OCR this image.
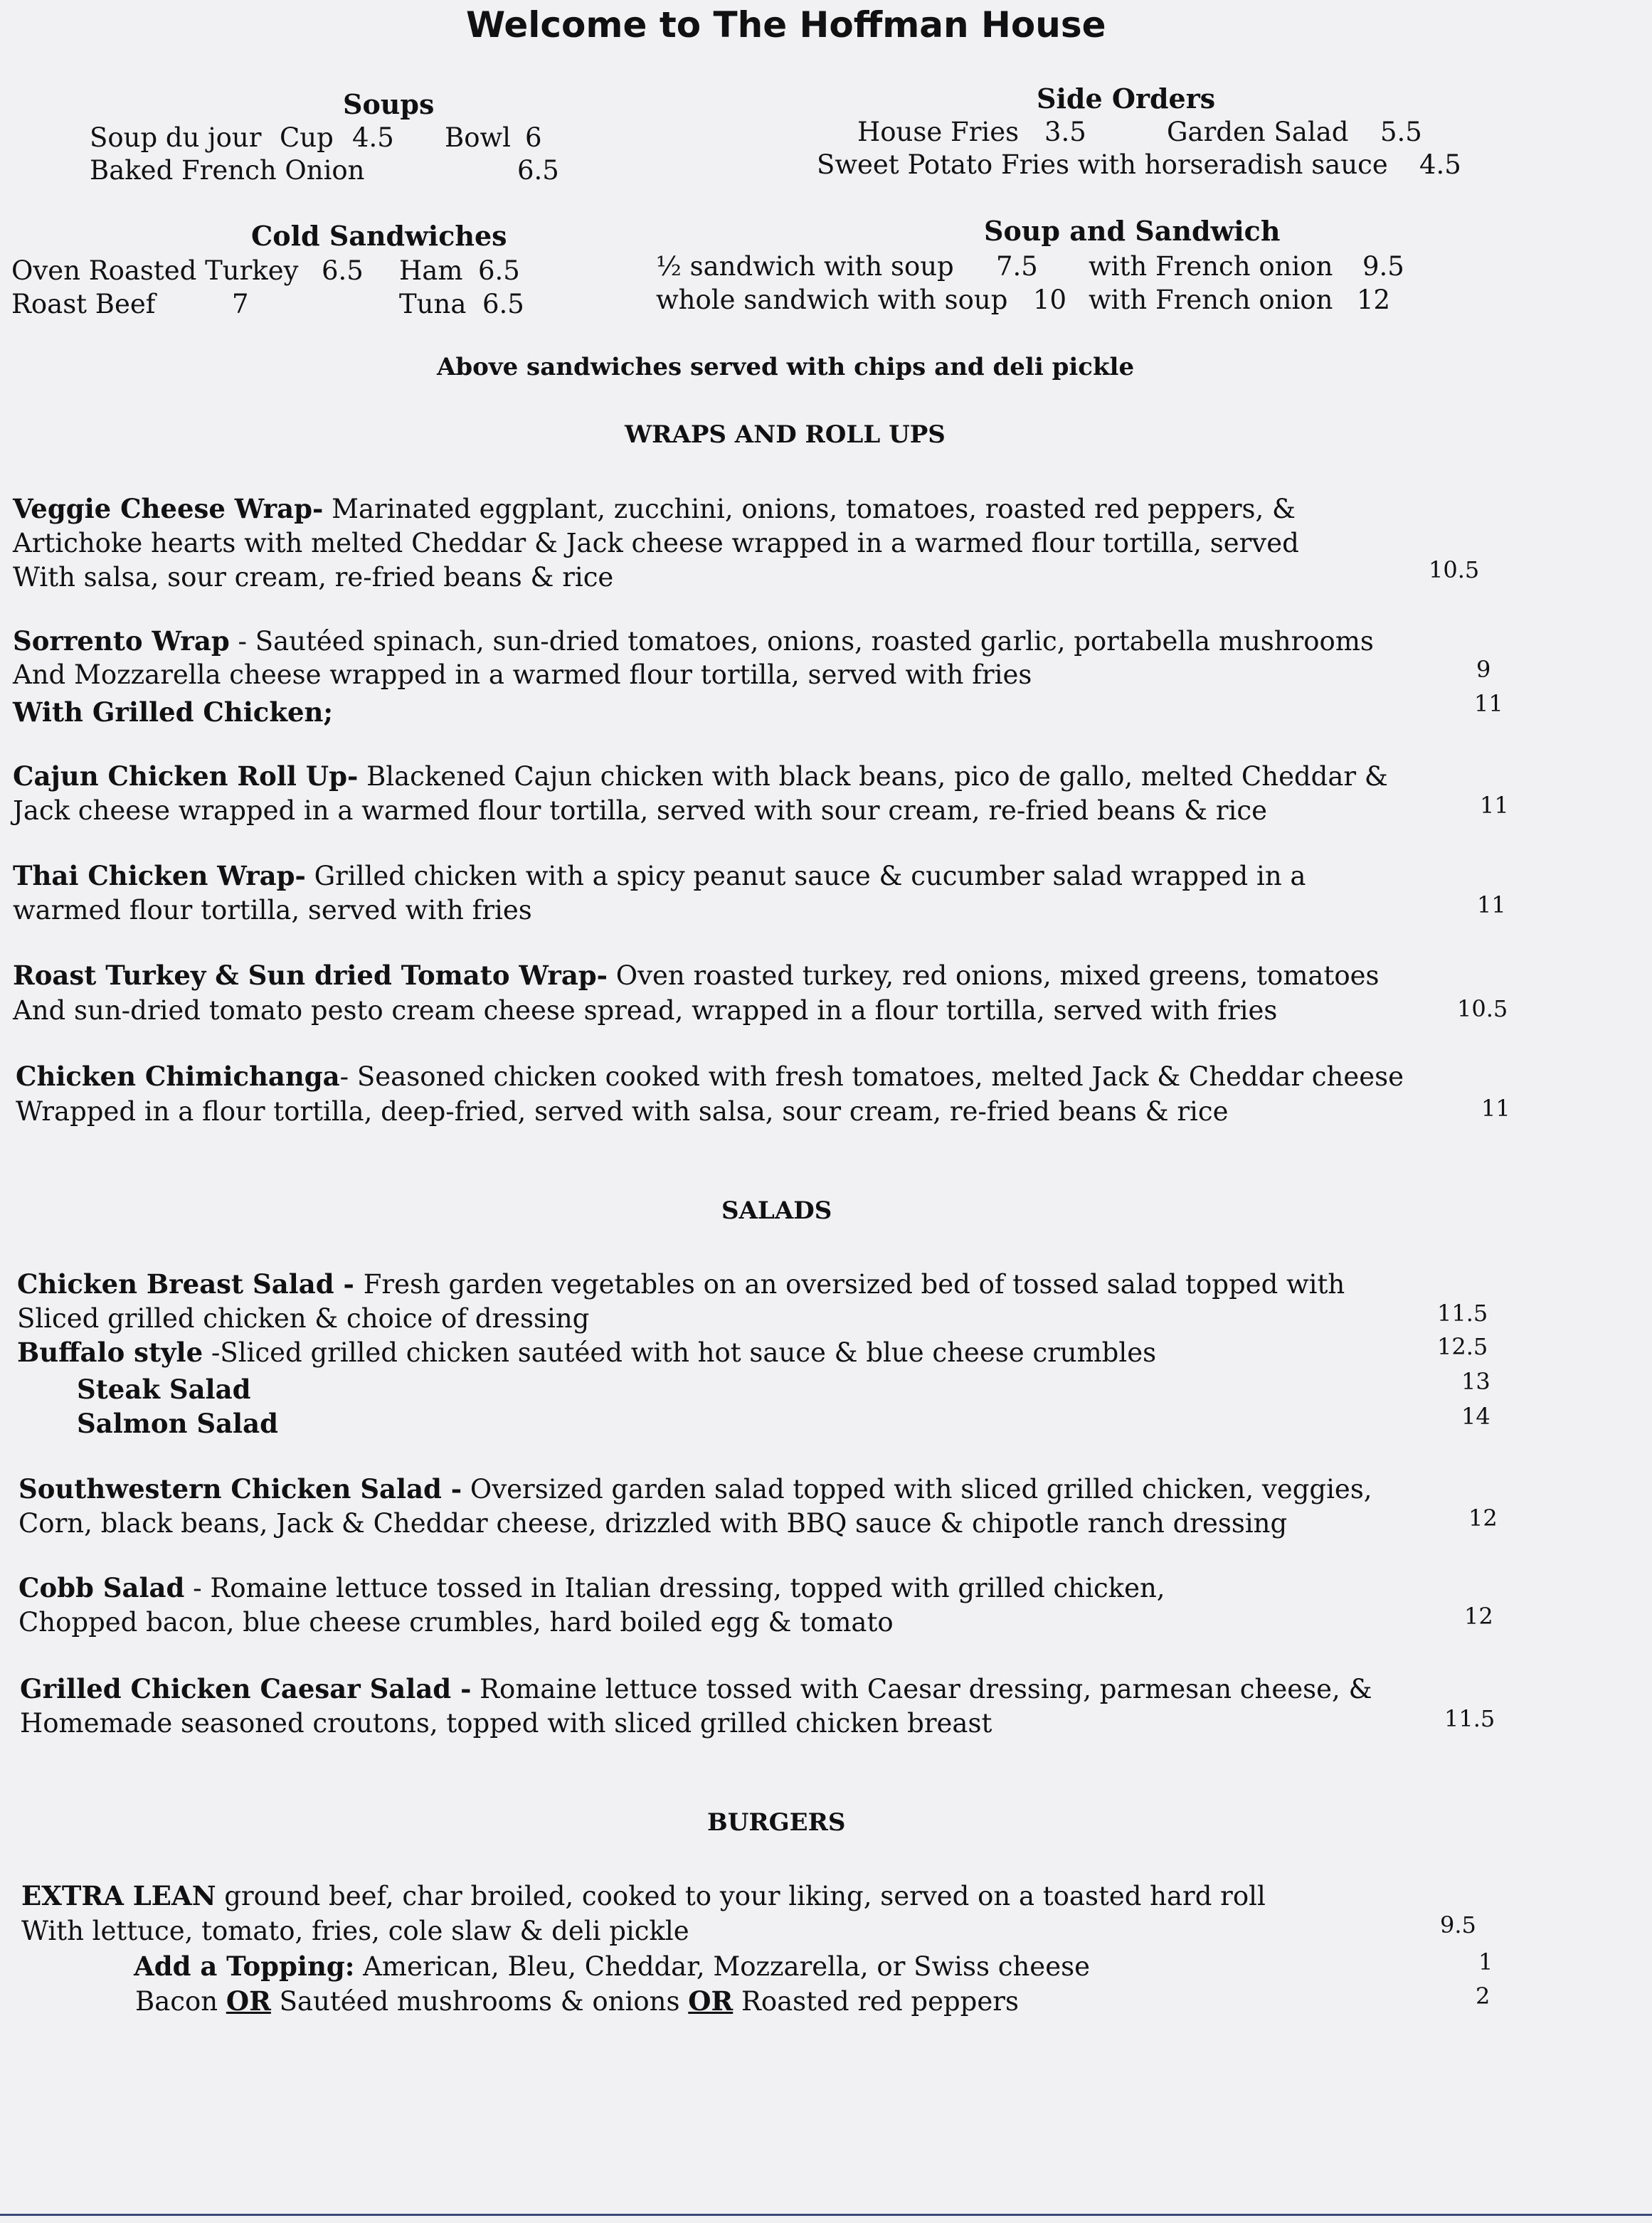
Welcome to The Hoffman House
Soups
Soup du jour Cup 4.5 Bowl 6
Baked French Onion	6.5
Side Orders
House Fries 3.5	Garden Salad 5.5
Sweet Potato Fries with horseradish sauce 4.5
Cold Sandwiches
Oven Roasted Turkey 6.5 Ham 6.5
Roast Beef	7	Tuna 6.5
Soup and Sandwich
½ sandwich with soup 7.5 with French onion 9.5
whole sandwich with soup 10 with French onion 12
Above sandwiches served with chips and deli pickle
WRAPS AND ROLL UPS
Veggie Cheese Wrap- Marinated eggplant, zucchini, onions, tomatoes, roasted red peppers, &
Artichoke hearts with melted Cheddar & Jack cheese wrapped in a warmed flour tortilla, served
With salsa, sour cream, re-fried beans & rice	10.5
Sorrento Wrap - Sautéed spinach, sun-dried tomatoes, onions, roasted garlic, portabella mushrooms
And Mozzarella cheese wrapped in a warmed flour tortilla, served with fries	9
With Grilled Chicken;	11
Cajun Chicken Roll Up- Blackened Cajun chicken with black beans, pico de gallo, melted Cheddar &
Jack cheese wrapped in a warmed flour tortilla, served with sour cream, re-fried beans & rice	11
Thai Chicken Wrap- Grilled chicken with a spicy peanut sauce & cucumber salad wrapped in a
warmed flour tortilla, served with fries	11
Roast Turkey & Sun dried Tomato Wrap- Oven roasted turkey, red onions, mixed greens, tomatoes
And sun-dried tomato pesto cream cheese spread, wrapped in a flour tortilla, served with fries	10.5
Chicken Chimichanga- Seasoned chicken cooked with fresh tomatoes, melted Jack & Cheddar cheese
Wrapped in a flour tortilla, deep-fried, served with salsa, sour cream, re-fried beans & rice	11
SALADS
Chicken Breast Salad - Fresh garden vegetables on an oversized bed of tossed salad topped with
Sliced grilled chicken & choice of dressing	11.5
Buffalo style -Sliced grilled chicken sautéed with hot sauce & blue cheese crumbles	12.5
Steak Salad	13
Salmon Salad	14
Southwestern Chicken Salad - Oversized garden salad topped with sliced grilled chicken, veggies,
Corn, black beans, Jack & Cheddar cheese, drizzled with BBQ sauce & chipotle ranch dressing	12
Cobb Salad - Romaine lettuce tossed in Italian dressing, topped with grilled chicken,
Chopped bacon, blue cheese crumbles, hard boiled egg & tomato	12
Grilled Chicken Caesar Salad - Romaine lettuce tossed with Caesar dressing, parmesan cheese, &
Homemade seasoned croutons, topped with sliced grilled chicken breast	11.5
BURGERS
EXTRA LEAN ground beef, char broiled, cooked to your liking, served on a toasted hard roll
With lettuce, tomato, fries, cole slaw & deli pickle	9.5
Add a Topping: American, Bleu, Cheddar, Mozzarella, or Swiss cheese	1
Bacon OR Sautéed mushrooms & onions OR Roasted red peppers	2
